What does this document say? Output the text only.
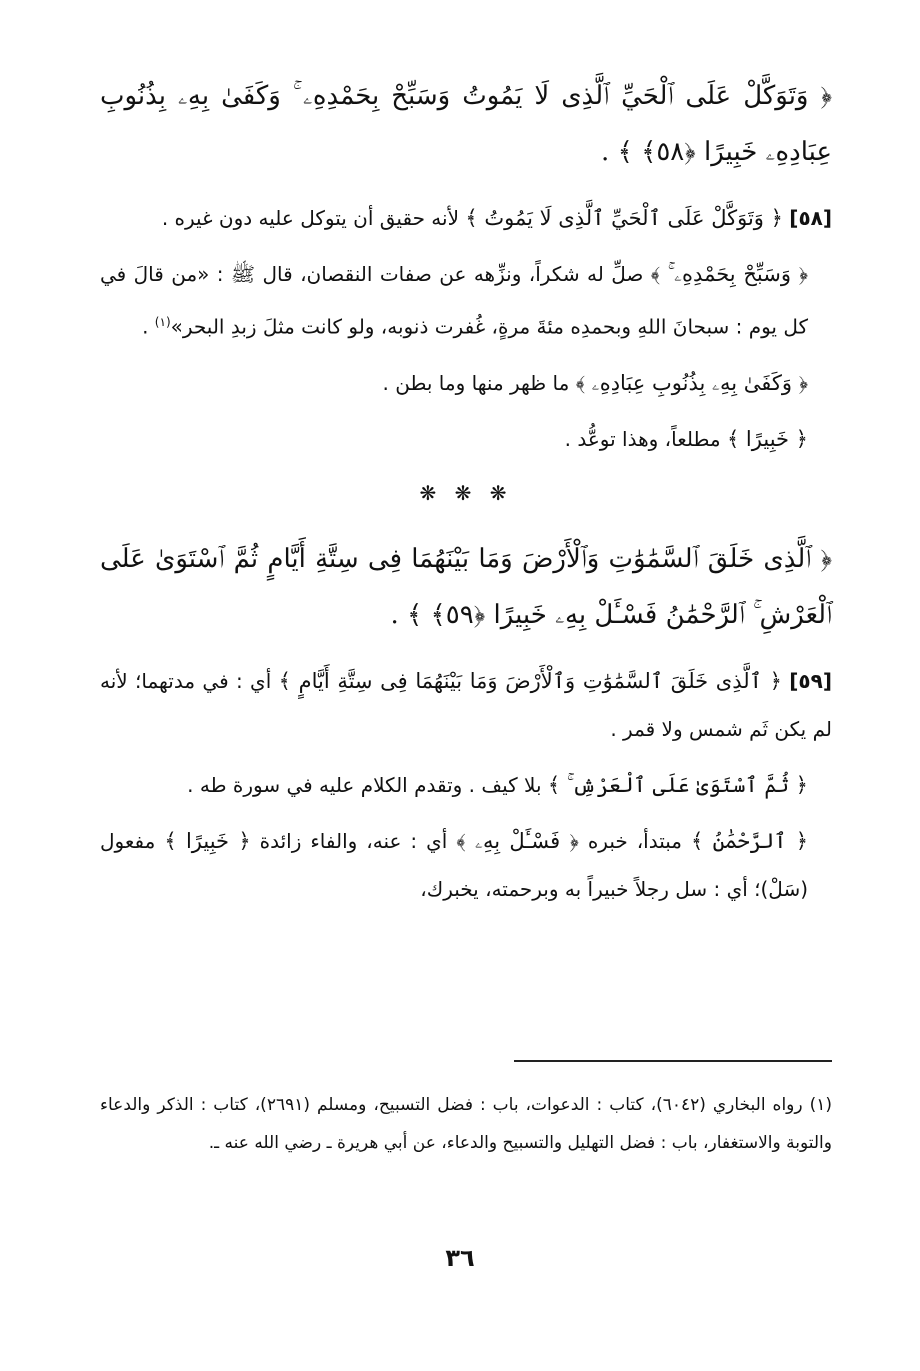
﴿ وَتَوَكَّلْ عَلَى ٱلْحَيِّ ٱلَّذِى لَا يَمُوتُ وَسَبِّحْ بِحَمْدِهِۦ ۚ وَكَفَىٰ بِهِۦ بِذُنُوبِ عِبَادِهِۦ خَبِيرًا ﴿٥٨﴾ ﴾ .

[٥٨] ﴿ وَتَوَكَّلْ عَلَى ٱلْحَيِّ ٱلَّذِى لَا يَمُوتُ ﴾ لأنه حقيق أن يتوكل عليه دون غيره .

﴿ وَسَبِّحْ بِحَمْدِهِۦ ۚ ﴾ صلِّ له شكراً، ونزِّهه عن صفات النقصان، قال ﷺ : «من قالَ في كل يوم : سبحانَ اللهِ وبحمدِه مئةَ مرةٍ، غُفرت ذنوبه، ولو كانت مثلَ زبدِ البحر»$^{(١)}$ .

﴿ وَكَفَىٰ بِهِۦ بِذُنُوبِ عِبَادِهِۦ ﴾ ما ظهر منها وما بطن .

﴿ خَبِيرًا ﴾ مطلعاً، وهذا توعُّد .

❋ ❋ ❋

﴿ ٱلَّذِى خَلَقَ ٱلسَّمَٰوَٰتِ وَٱلْأَرْضَ وَمَا بَيْنَهُمَا فِى سِتَّةِ أَيَّامٍ ثُمَّ ٱسْتَوَىٰ عَلَى ٱلْعَرْشِ ۚ ٱلرَّحْمَٰنُ فَسْـَٔلْ بِهِۦ خَبِيرًا ﴿٥٩﴾ ﴾ .

[٥٩] ﴿ ٱلَّذِى خَلَقَ ٱلسَّمَٰوَٰتِ وَٱلْأَرْضَ وَمَا بَيْنَهُمَا فِى سِتَّةِ أَيَّامٍ ﴾ أي : في مدتهما؛ لأنه لم يكن ثَم شمس ولا قمر .

﴿ ثُمَّ ٱسْتَوَىٰ عَلَى ٱلْعَرْشِ ۚ ﴾ بلا كيف . وتقدم الكلام عليه في سورة طه .

﴿ ٱلرَّحْمَٰنُ ﴾ مبتدأ، خبره ﴿ فَسْـَٔلْ بِهِۦ ﴾ أي : عنه، والفاء زائدة ﴿ خَبِيرًا ﴾ مفعول (سَلْ)؛ أي : سل رجلاً خبيراً به وبرحمته، يخبرك،

(١) رواه البخاري (٦٠٤٢)، كتاب : الدعوات، باب : فضل التسبيح، ومسلم (٢٦٩١)، كتاب : الذكر والدعاء والتوبة والاستغفار، باب : فضل التهليل والتسبيح والدعاء، عن أبي هريرة ـ رضي الله عنه ـ.

٣٦
